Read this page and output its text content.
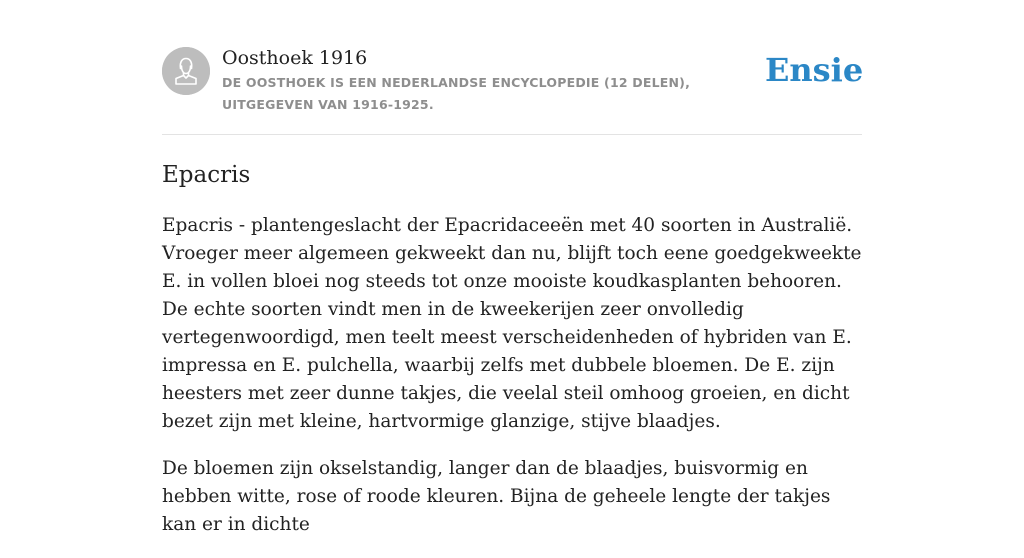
Oosthoek 1916
DE OOSTHOEK IS EEN NEDERLANDSE ENCYCLOPEDIE (12 DELEN), UITGEGEVEN VAN 1916-1925.
Ensie
Epacris

Epacris - plantengeslacht der Epacridaceeën met 40 soorten in Australië. Vroeger meer algemeen gekweekt dan nu, blijft toch eene goedgekweekte E. in vollen bloei nog steeds tot onze mooiste koudkasplanten behooren. De echte soorten vindt men in de kweekerijen zeer onvolledig vertegenwoordigd, men teelt meest verscheidenheden of hybriden van E. impressa en E. pulchella, waarbij zelfs met dubbele bloemen. De E. zijn heesters met zeer dunne takjes, die veelal steil omhoog groeien, en dicht bezet zijn met kleine, hartvormige glanzige, stijve blaadjes.

De bloemen zijn okselstandig, langer dan de blaadjes, buisvormig en hebben witte, rose of roode kleuren. Bijna de geheele lengte der takjes kan er in dichte
